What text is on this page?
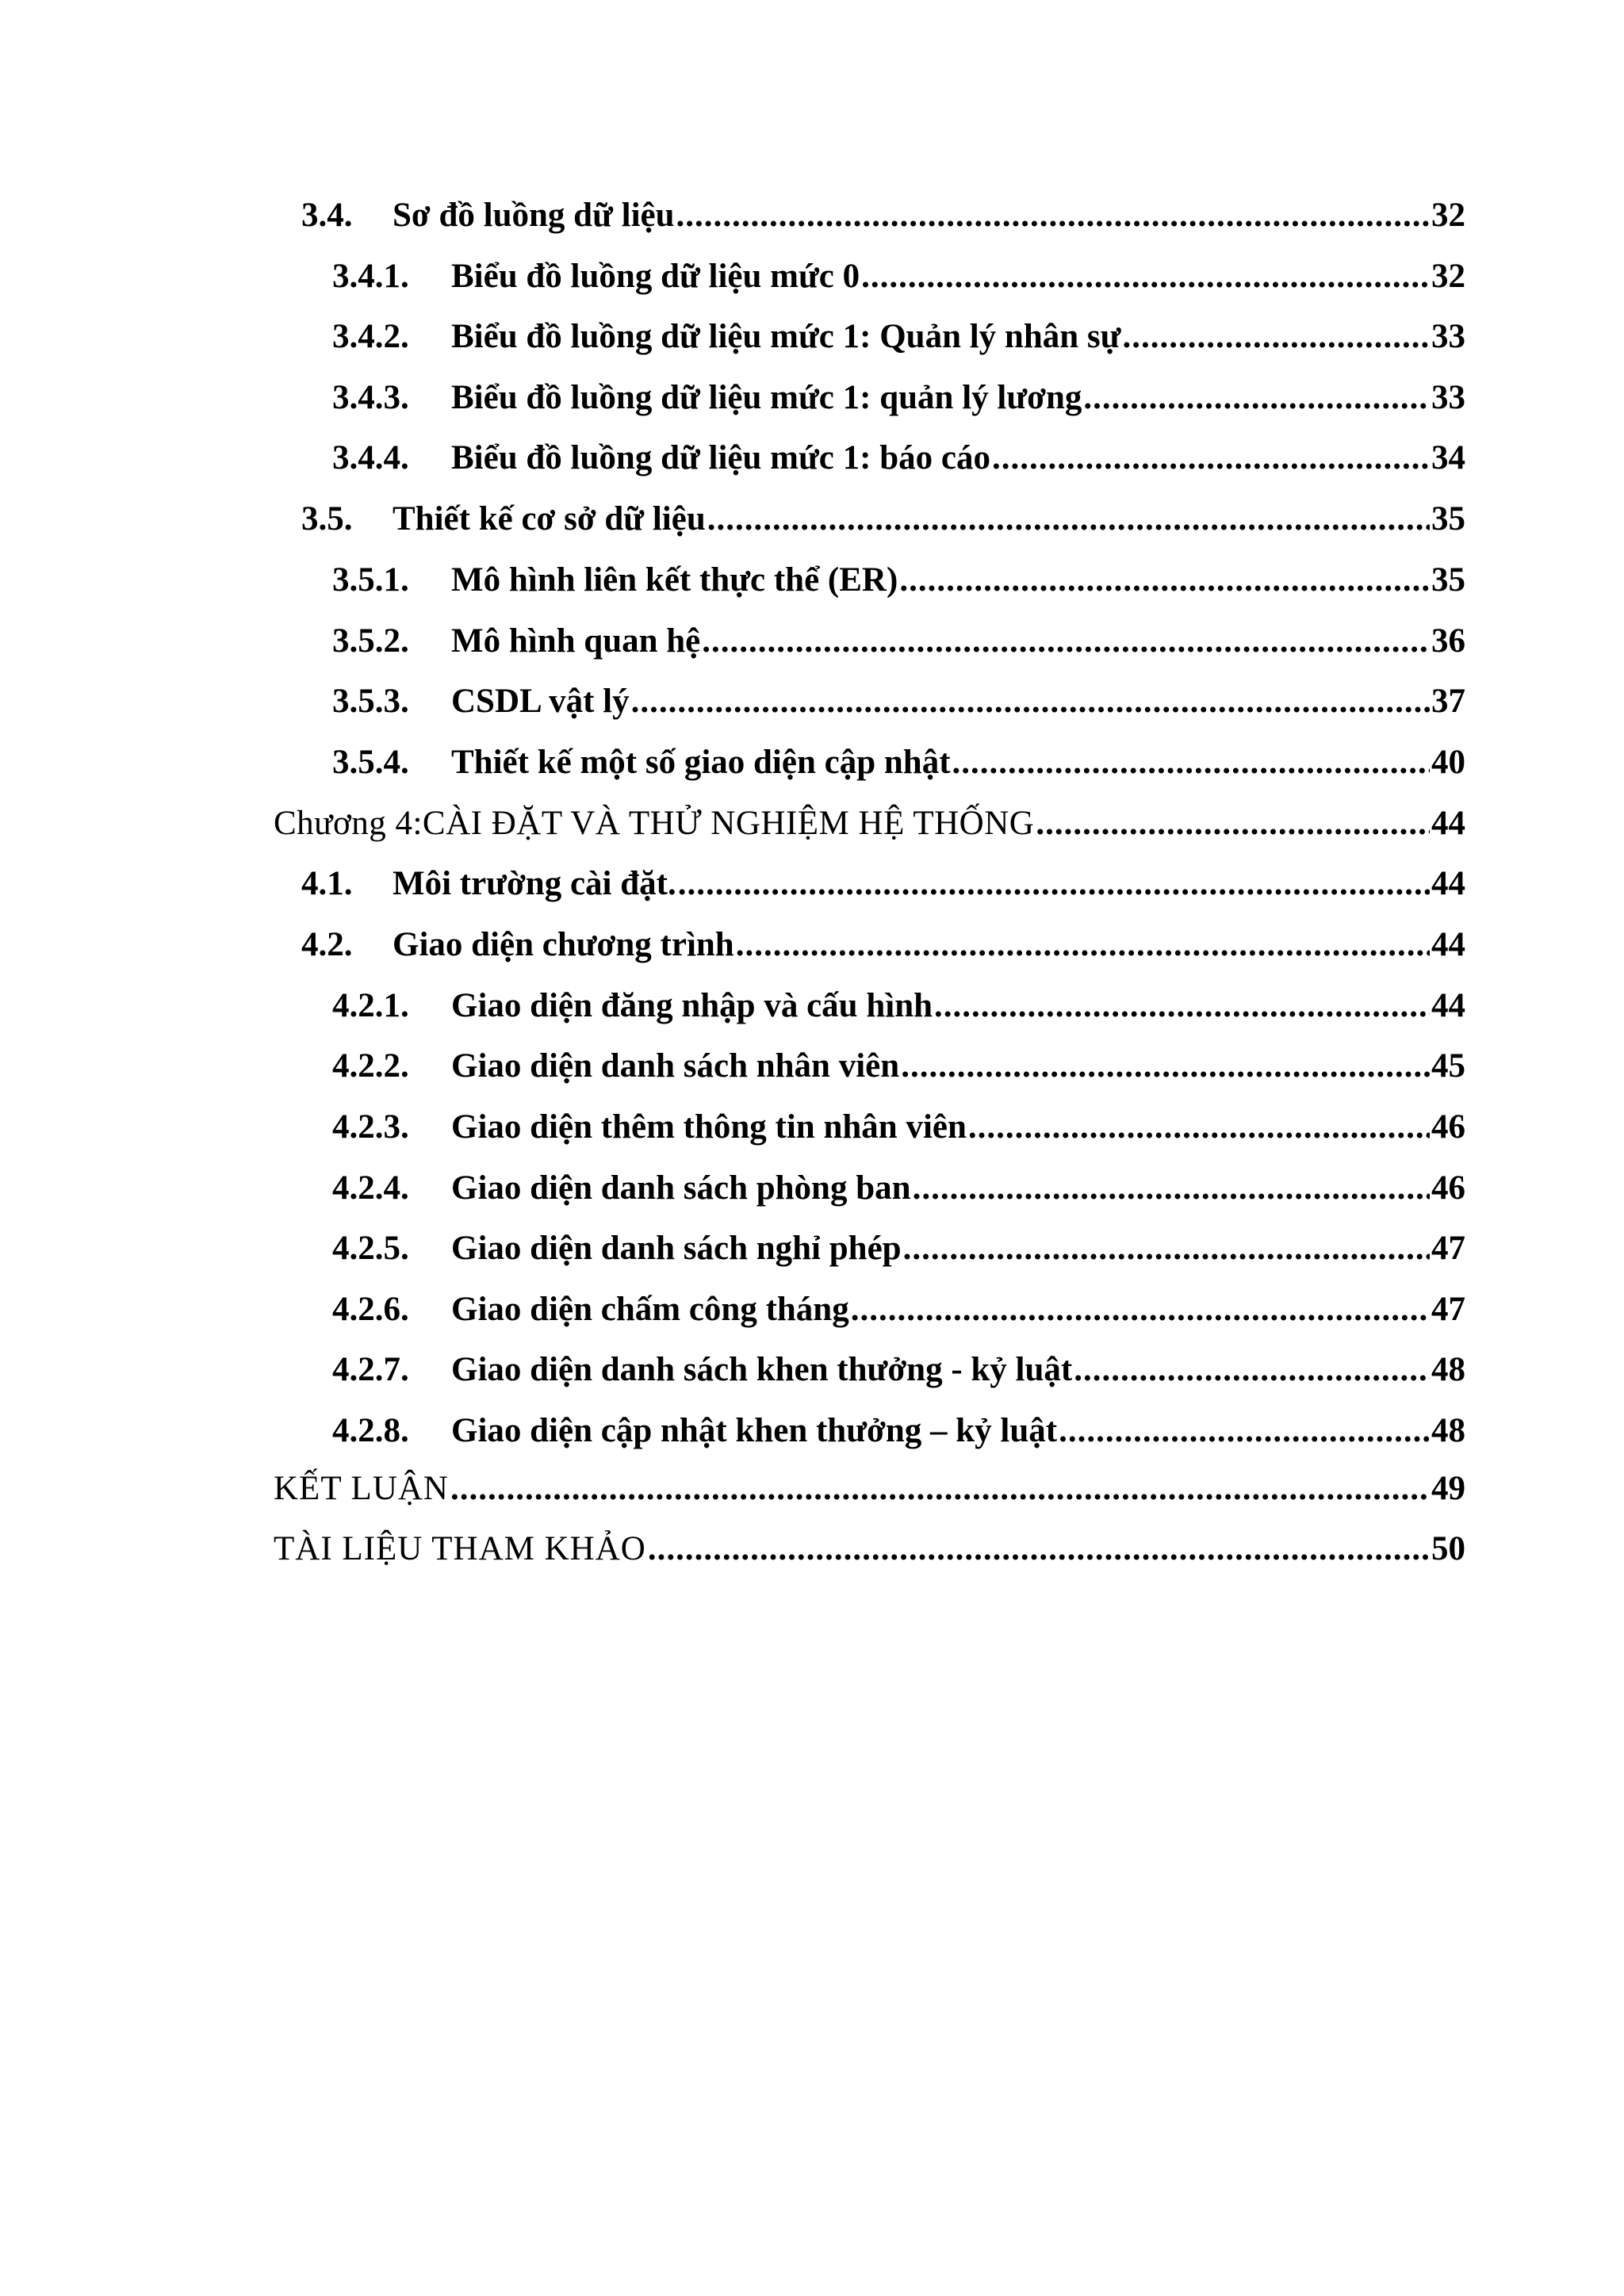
3.4.	Sơ đồ luồng dữ liệu .....	32
3.4.1.	Biểu đồ luồng dữ liệu mức 0 .....	32
3.4.2.	Biểu đồ luồng dữ liệu mức 1: Quản lý nhân sự .....	33
3.4.3.	Biểu đồ luồng dữ liệu mức 1: quản lý lương .....	33
3.4.4.	Biểu đồ luồng dữ liệu mức 1: báo cáo .....	34
3.5.	Thiết kế cơ sở dữ liệu .....	35
3.5.1.	Mô hình liên kết thực thể (ER) .....	35
3.5.2.	Mô hình quan hệ .....	36
3.5.3.	CSDL vật lý .....	37
3.5.4.	Thiết kế một số giao diện cập nhật .....	40
Chương 4:CÀI ĐẶT VÀ THỬ NGHIỆM HỆ THỐNG .....	44
4.1.	Môi trường cài đặt. .....	44
4.2.	Giao diện chương trình .....	44
4.2.1.	Giao diện đăng nhập và cấu hình .....	44
4.2.2.	Giao diện danh sách nhân viên .....	45
4.2.3.	Giao diện thêm thông tin nhân viên .....	46
4.2.4.	Giao diện danh sách phòng ban .....	46
4.2.5.	Giao diện danh sách nghỉ phép .....	47
4.2.6.	Giao diện chấm công tháng .....	47
4.2.7.	Giao diện danh sách khen thưởng - kỷ luật .....	48
4.2.8.	Giao diện cập nhật khen thưởng – kỷ luật .....	48
KẾT LUẬN .....	49
TÀI LIỆU THAM KHẢO .....	50
